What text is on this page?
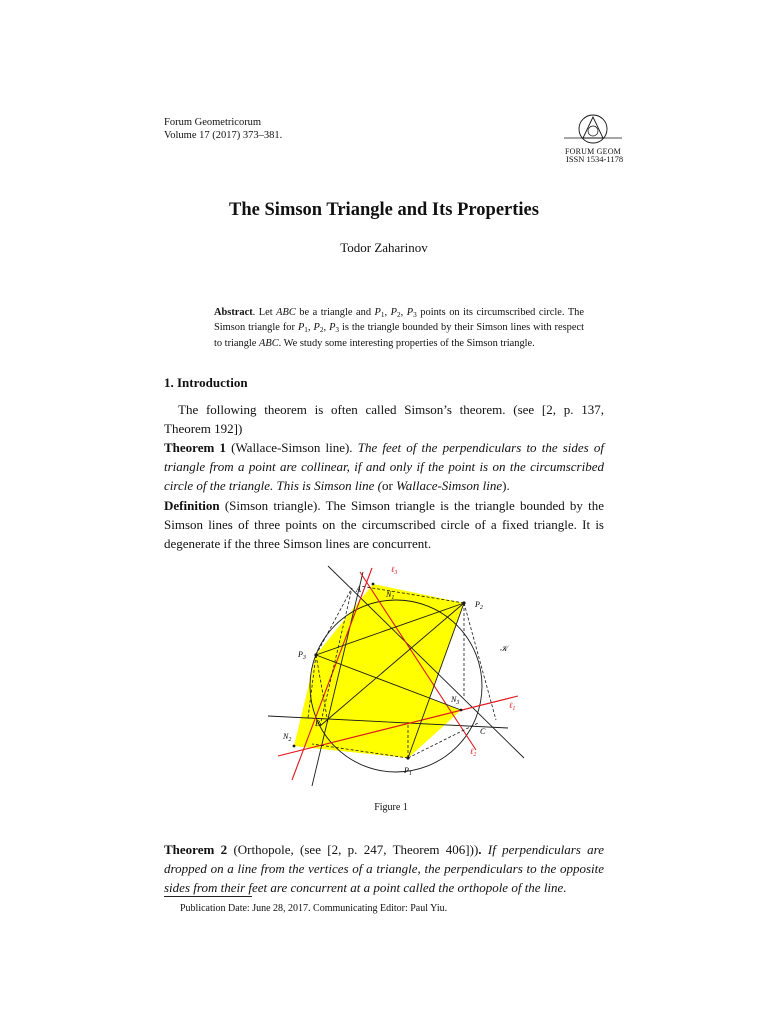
Forum Geometricorum
Volume 17 (2017) 373–381.
FORUM GEOM
ISSN 1534-1178
The Simson Triangle and Its Properties
Todor Zaharinov
Abstract. Let ABC be a triangle and $P_1$, $P_2$, $P_3$ points on its circumscribed circle. The Simson triangle for $P_1$, $P_2$, $P_3$ is the triangle bounded by their Simson lines with respect to triangle ABC. We study some interesting properties of the Simson triangle.
1. Introduction
The following theorem is often called Simson’s theorem. (see [2, p. 137, Theorem 192])
Theorem 1 (Wallace-Simson line). The feet of the perpendiculars to the sides of triangle from a point are collinear, if and only if the point is on the circumscribed circle of the triangle. This is Simson line (or Wallace-Simson line).
Definition (Simson triangle). The Simson triangle is the triangle bounded by the Simson lines of three points on the circumscribed circle of a fixed triangle. It is degenerate if the three Simson lines are concurrent.
ℓ$_3$
$N_1$
$P_2$
𝒦
$P_3$
$N_3$	ℓ$_1$
B
C
$N_2$
ℓ$_2$
$P_1$
A
Figure 1
Theorem 2 (Orthopole, (see [2, p. 247, Theorem 406])). If perpendiculars are dropped on a line from the vertices of a triangle, the perpendiculars to the opposite sides from their feet are concurrent at a point called the orthopole of the line.
Publication Date: June 28, 2017. Communicating Editor: Paul Yiu.
